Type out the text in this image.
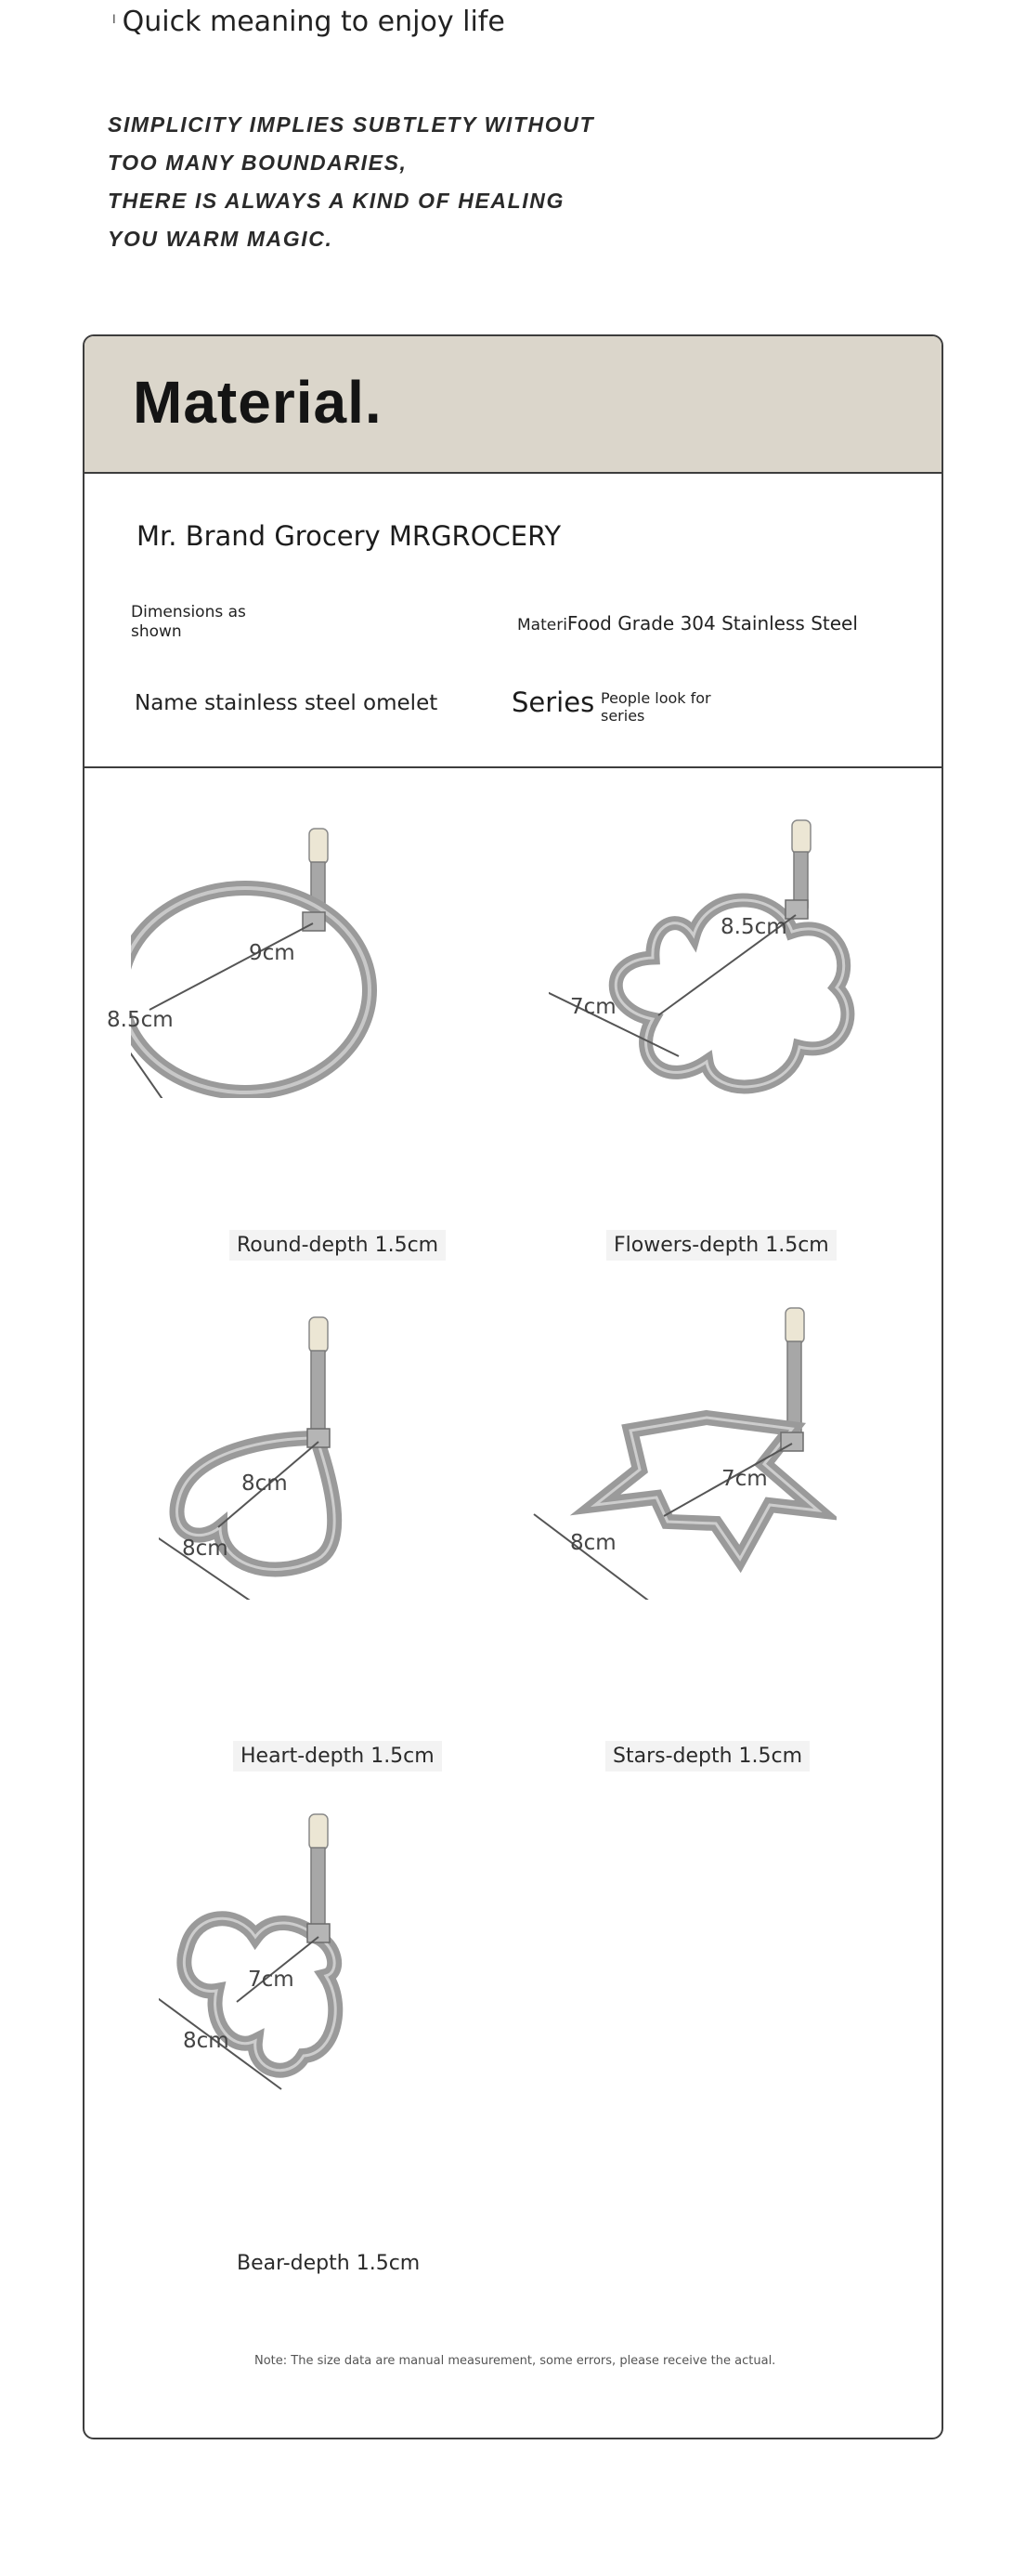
╷ Quick meaning to enjoy life
SIMPLICITY IMPLIES SUBTLETY WITHOUT
TOO MANY BOUNDARIES,
THERE IS ALWAYS A KIND OF HEALING
YOU WARM MAGIC.
Material.
Mr. Brand Grocery MRGROCERY
Dimensions as shown	MateriFood Grade 304 Stainless Steel
Name stainless steel omelet	Series People look for series
9cm
8.5cm
Round-depth 1.5cm
8.5cm
7cm
Flowers-depth 1.5cm
8cm
8cm
Heart-depth 1.5cm
7cm
8cm
Stars-depth 1.5cm
7cm
8cm
Bear-depth 1.5cm
Note: The size data are manual measurement, some errors, please receive the actual.
